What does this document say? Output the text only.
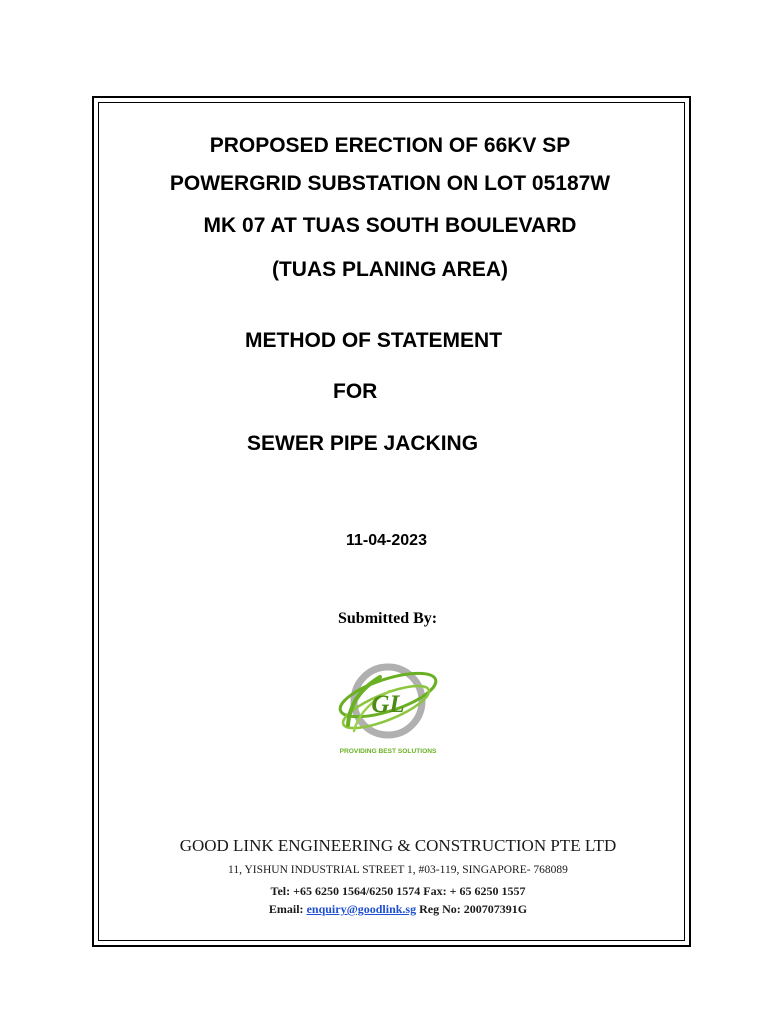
PROPOSED ERECTION OF 66KV SP
POWERGRID SUBSTATION ON LOT 05187W
MK 07 AT TUAS SOUTH BOULEVARD
(TUAS PLANING AREA)
METHOD OF STATEMENT
FOR
SEWER PIPE JACKING
11-04-2023
Submitted By:
GL
PROVIDING BEST SOLUTIONS
GOOD LINK ENGINEERING & CONSTRUCTION PTE LTD
11, YISHUN INDUSTRIAL STREET 1, #03-119, SINGAPORE- 768089
Tel: +65 6250 1564/6250 1574 Fax: + 65 6250 1557
Email: enquiry@goodlink.sg Reg No: 200707391G
